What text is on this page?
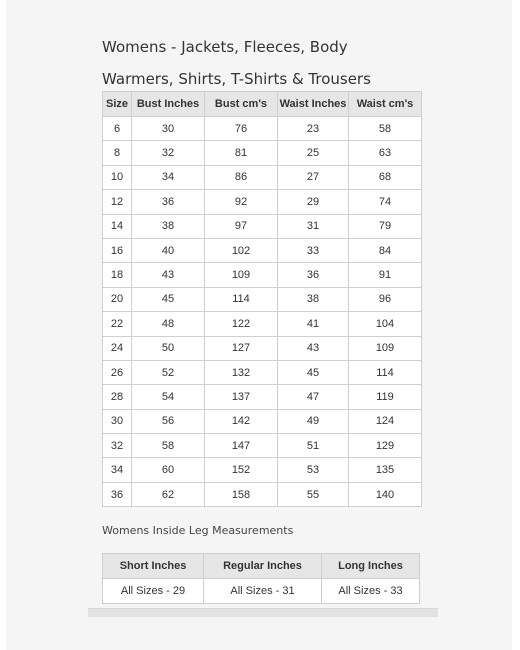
Womens - Jackets, Fleeces, Body Warmers, Shirts, T-Shirts & Trousers
Size	Bust Inches	Bust cm's	Waist Inches	Waist cm's
6	30	76	23	58
8	32	81	25	63
10	34	86	27	68
12	36	92	29	74
14	38	97	31	79
16	40	102	33	84
18	43	109	36	91
20	45	114	38	96
22	48	122	41	104
24	50	127	43	109
26	52	132	45	114
28	54	137	47	119
30	56	142	49	124
32	58	147	51	129
34	60	152	53	135
36	62	158	55	140
Womens Inside Leg Measurements
Short Inches	Regular Inches	Long Inches
All Sizes - 29	All Sizes - 31	All Sizes - 33
